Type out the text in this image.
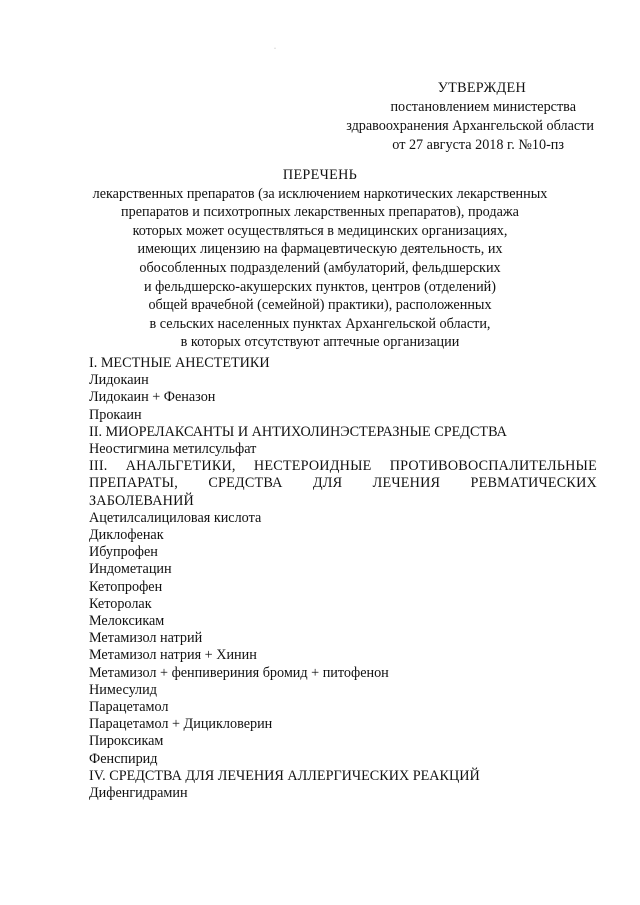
·
УТВЕРЖДЕН
постановлением министерства
здравоохранения Архангельской области
от 27 августа 2018 г. №10-пз
ПЕРЕЧЕНЬ
лекарственных препаратов (за исключением наркотических лекарственных
препаратов и психотропных лекарственных препаратов), продажа
которых может осуществляться в медицинских организациях,
имеющих лицензию на фармацевтическую деятельность, их
обособленных подразделений (амбулаторий, фельдшерских
и фельдшерско-акушерских пунктов, центров (отделений)
общей врачебной (семейной) практики), расположенных
в сельских населенных пунктах Архангельской области,
в которых отсутствуют аптечные организации
I. МЕСТНЫЕ АНЕСТЕТИКИ
Лидокаин
Лидокаин + Феназон
Прокаин
II. МИОРЕЛАКСАНТЫ И АНТИХОЛИНЭСТЕРАЗНЫЕ СРЕДСТВА
Неостигмина метилсульфат
III. АНАЛЬГЕТИКИ, НЕСТЕРОИДНЫЕ ПРОТИВОВОСПАЛИТЕЛЬНЫЕ ПРЕПАРАТЫ, СРЕДСТВА ДЛЯ ЛЕЧЕНИЯ РЕВМАТИЧЕСКИХ ЗАБОЛЕВАНИЙ
Ацетилсалициловая кислота
Диклофенак
Ибупрофен
Индометацин
Кетопрофен
Кеторолак
Мелоксикам
Метамизол натрий
Метамизол натрия + Хинин
Метамизол + фенпивериния бромид + питофенон
Нимесулид
Парацетамол
Парацетамол + Дицикловерин
Пироксикам
Фенспирид
IV. СРЕДСТВА ДЛЯ ЛЕЧЕНИЯ АЛЛЕРГИЧЕСКИХ РЕАКЦИЙ
Дифенгидрамин
